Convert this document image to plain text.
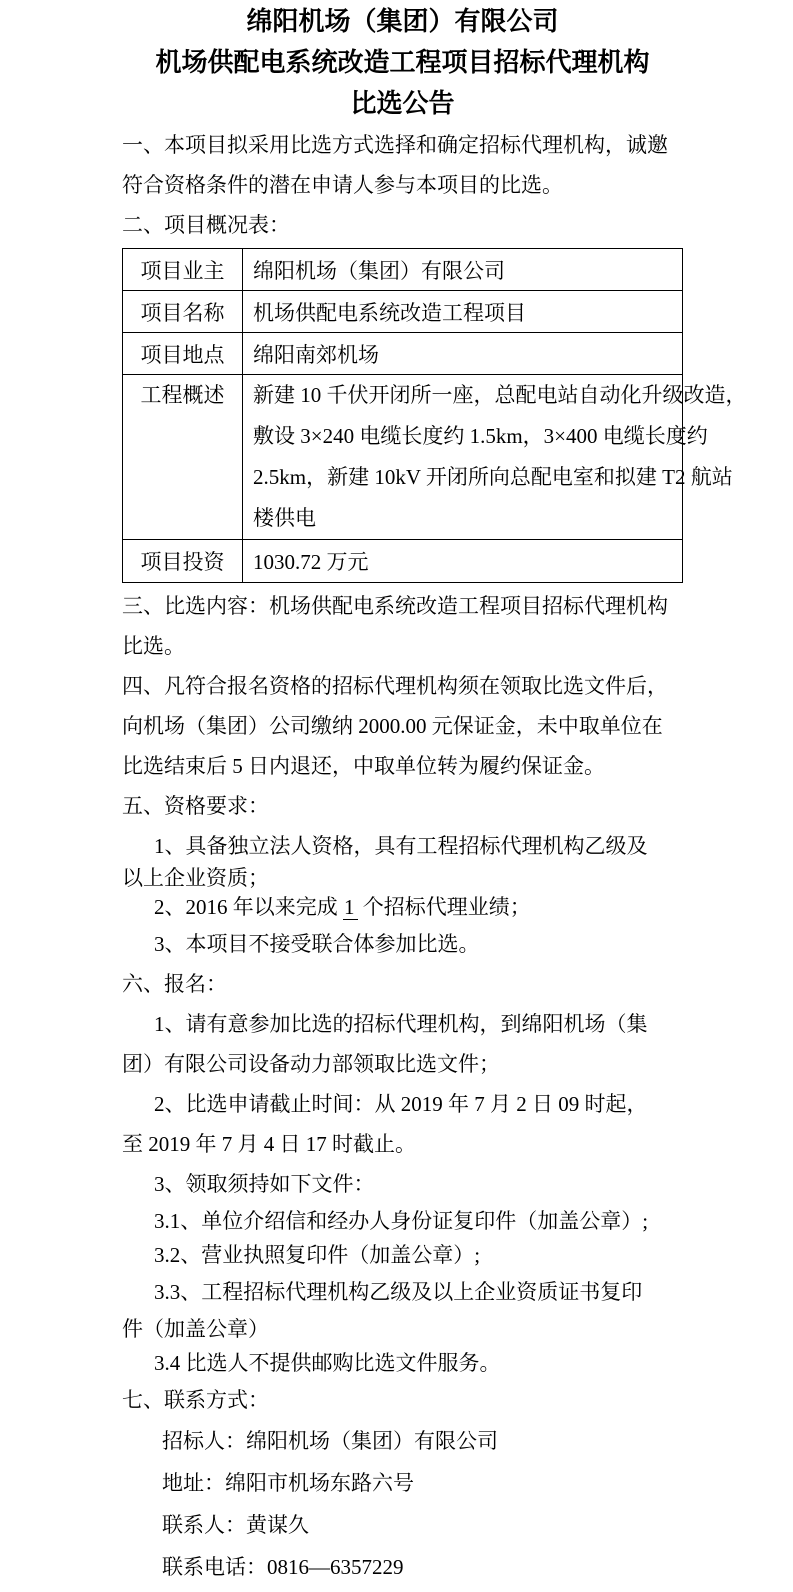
绵阳机场（集团）有限公司
机场供配电系统改造工程项目招标代理机构
比选公告
一、本项目拟采用比选方式选择和确定招标代理机构，诚邀
符合资格条件的潜在申请人参与本项目的比选。
二、项目概况表：
项目业主	绵阳机场（集团）有限公司
项目名称	机场供配电系统改造工程项目
项目地点	绵阳南郊机场
工程概述	新建 10 千伏开闭所一座，总配电站自动化升级改造，
敷设 3×240 电缆长度约 1.5km，3×400 电缆长度约
2.5km，新建 10kV 开闭所向总配电室和拟建 T2 航站
楼供电

项目投资	1030.72 万元
三、比选内容：机场供配电系统改造工程项目招标代理机构
比选。
四、凡符合报名资格的招标代理机构须在领取比选文件后，
向机场（集团）公司缴纳 2000.00 元保证金，未中取单位在
比选结束后 5 日内退还，中取单位转为履约保证金。
五、资格要求：
1、具备独立法人资格，具有工程招标代理机构乙级及
以上企业资质；
2、2016 年以来完成 1 个招标代理业绩；
3、本项目不接受联合体参加比选。
六、报名：
1、请有意参加比选的招标代理机构，到绵阳机场（集
团）有限公司设备动力部领取比选文件；
2、比选申请截止时间：从 2019 年 7 月 2 日 09 时起，
至 2019 年 7 月 4 日 17 时截止。
3、领取须持如下文件：
3.1、单位介绍信和经办人身份证复印件（加盖公章）;
3.2、营业执照复印件（加盖公章）;
3.3、工程招标代理机构乙级及以上企业资质证书复印
件（加盖公章）
3.4 比选人不提供邮购比选文件服务。
七、联系方式：
招标人：绵阳机场（集团）有限公司
地址：绵阳市机场东路六号
联系人：黄谋久
联系电话：0816—6357229
